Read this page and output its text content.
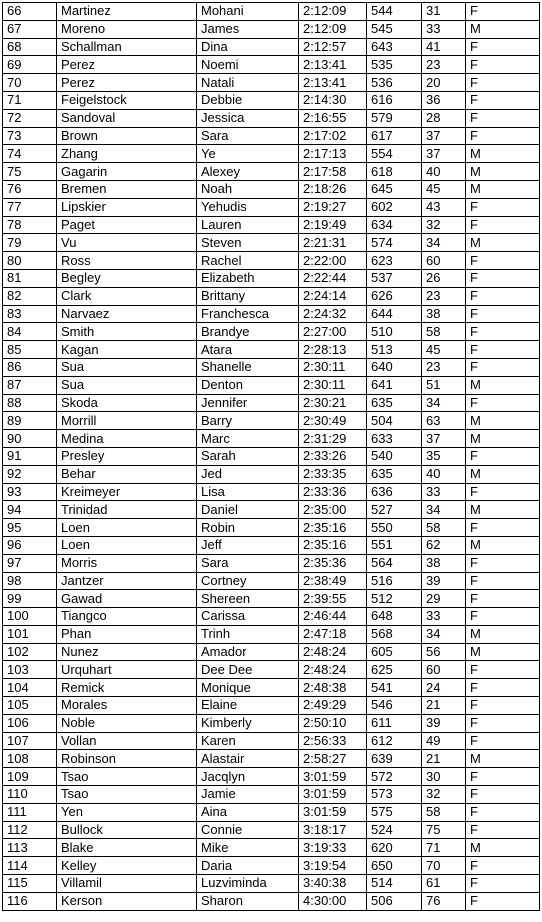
66	Martinez	Mohani	2:12:09	544	31	F
67	Moreno	James	2:12:09	545	33	M
68	Schallman	Dina	2:12:57	643	41	F
69	Perez	Noemi	2:13:41	535	23	F
70	Perez	Natali	2:13:41	536	20	F
71	Feigelstock	Debbie	2:14:30	616	36	F
72	Sandoval	Jessica	2:16:55	579	28	F
73	Brown	Sara	2:17:02	617	37	F
74	Zhang	Ye	2:17:13	554	37	M
75	Gagarin	Alexey	2:17:58	618	40	M
76	Bremen	Noah	2:18:26	645	45	M
77	Lipskier	Yehudis	2:19:27	602	43	F
78	Paget	Lauren	2:19:49	634	32	F
79	Vu	Steven	2:21:31	574	34	M
80	Ross	Rachel	2:22:00	623	60	F
81	Begley	Elizabeth	2:22:44	537	26	F
82	Clark	Brittany	2:24:14	626	23	F
83	Narvaez	Franchesca	2:24:32	644	38	F
84	Smith	Brandye	2:27:00	510	58	F
85	Kagan	Atara	2:28:13	513	45	F
86	Sua	Shanelle	2:30:11	640	23	F
87	Sua	Denton	2:30:11	641	51	M
88	Skoda	Jennifer	2:30:21	635	34	F
89	Morrill	Barry	2:30:49	504	63	M
90	Medina	Marc	2:31:29	633	37	M
91	Presley	Sarah	2:33:26	540	35	F
92	Behar	Jed	2:33:35	635	40	M
93	Kreimeyer	Lisa	2:33:36	636	33	F
94	Trinidad	Daniel	2:35:00	527	34	M
95	Loen	Robin	2:35:16	550	58	F
96	Loen	Jeff	2:35:16	551	62	M
97	Morris	Sara	2:35:36	564	38	F
98	Jantzer	Cortney	2:38:49	516	39	F
99	Gawad	Shereen	2:39:55	512	29	F
100	Tiangco	Carissa	2:46:44	648	33	F
101	Phan	Trinh	2:47:18	568	34	M
102	Nunez	Amador	2:48:24	605	56	M
103	Urquhart	Dee Dee	2:48:24	625	60	F
104	Remick	Monique	2:48:38	541	24	F
105	Morales	Elaine	2:49:29	546	21	F
106	Noble	Kimberly	2:50:10	611	39	F
107	Vollan	Karen	2:56:33	612	49	F
108	Robinson	Alastair	2:58:27	639	21	M
109	Tsao	Jacqlyn	3:01:59	572	30	F
110	Tsao	Jamie	3:01:59	573	32	F
111	Yen	Aina	3:01:59	575	58	F
112	Bullock	Connie	3:18:17	524	75	F
113	Blake	Mike	3:19:33	620	71	M
114	Kelley	Daria	3:19:54	650	70	F
115	Villamil	Luzviminda	3:40:38	514	61	F
116	Kerson	Sharon	4:30:00	506	76	F
